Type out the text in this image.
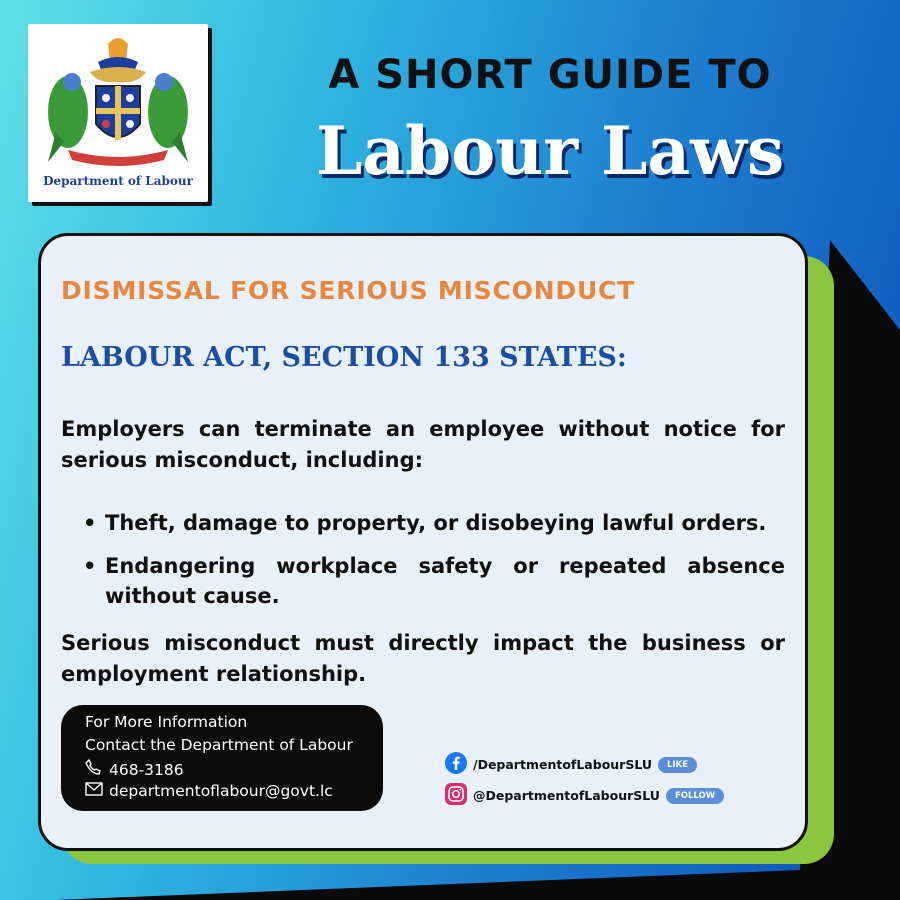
Department of Labour
A SHORT GUIDE TO
Labour Laws
DISMISSAL FOR SERIOUS MISCONDUCT
LABOUR ACT, SECTION 133 STATES:
Employers can terminate an employee without notice for serious misconduct, including:
• Theft, damage to property, or disobeying lawful orders.
• Endangering workplace safety or repeated absence without cause.
Serious misconduct must directly impact the business or employment relationship.
For More Information
Contact the Department of Labour
468-3186
departmentoflabour@govt.lc
/DepartmentofLabourSLU LIKE
@DepartmentofLabourSLU FOLLOW
